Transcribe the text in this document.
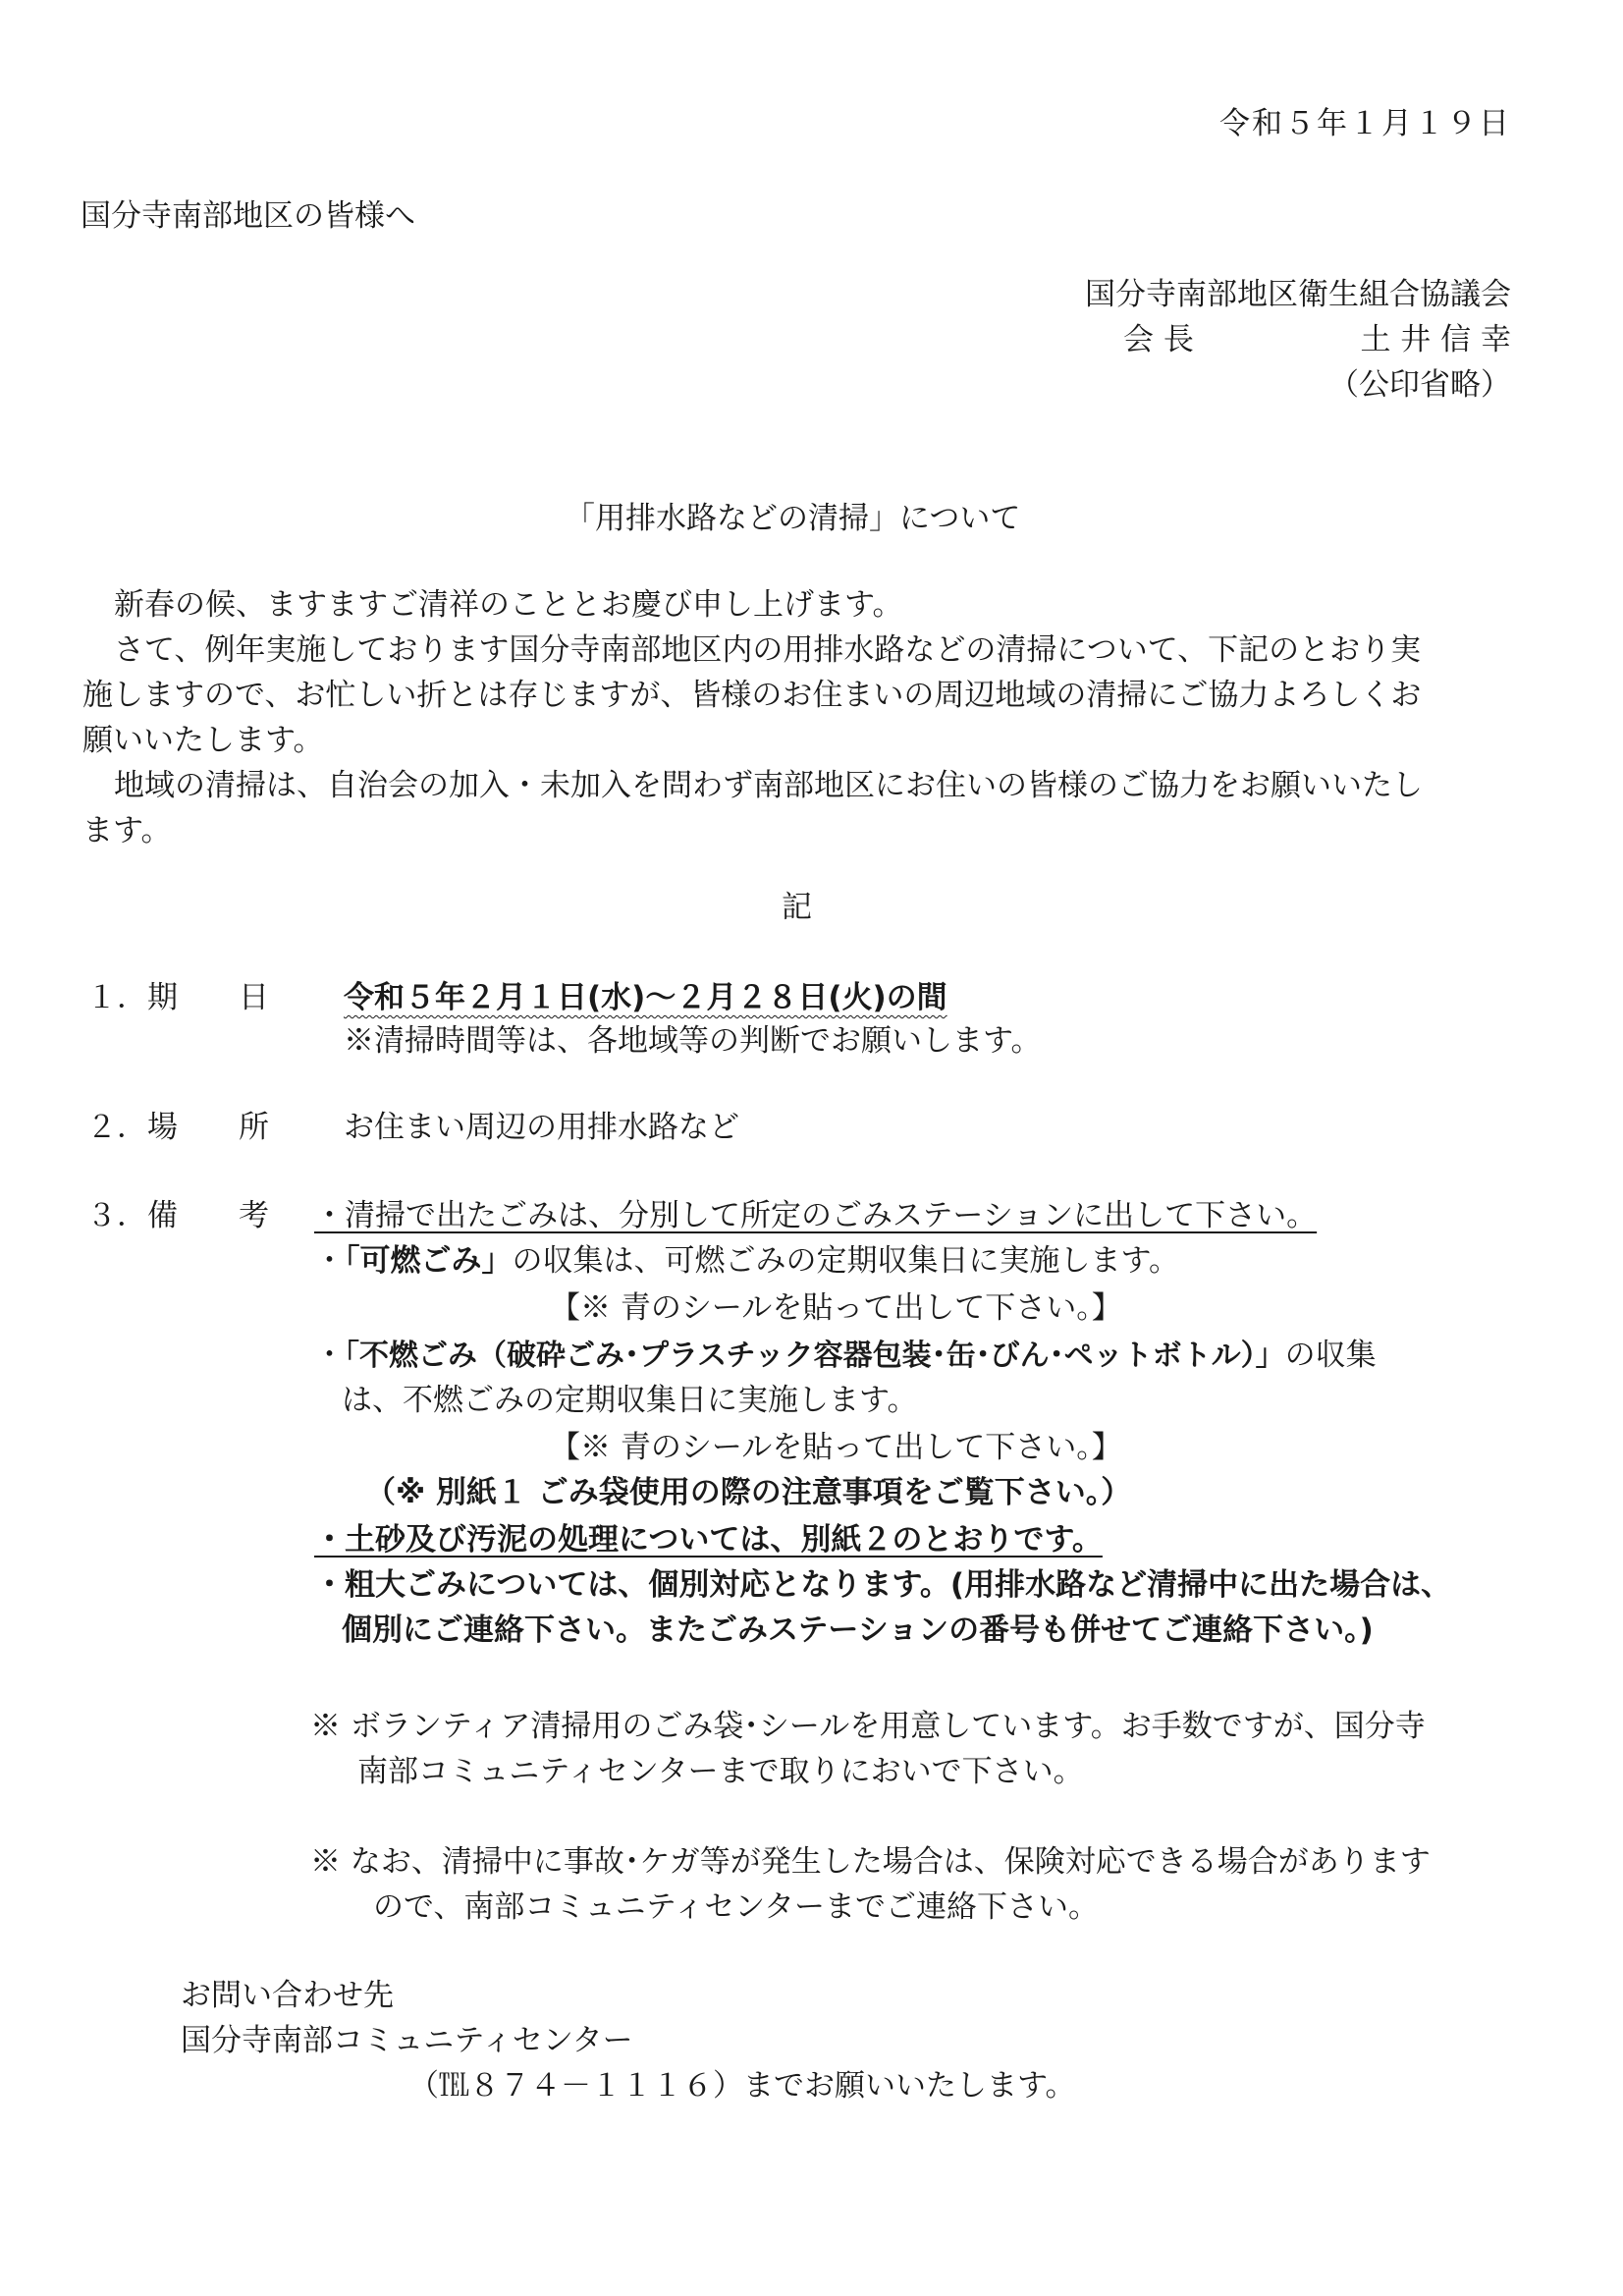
令和５年１月１９日
国分寺南部地区の皆様へ
国分寺南部地区衛生組合協議会
会 長	土 井 信 幸
（公印省略）
「用排水路などの清掃」について
新春の候、ますますご清祥のこととお慶び申し上げます。
さて、例年実施しております国分寺南部地区内の用排水路などの清掃について、下記のとおり実
施しますので、お忙しい折とは存じますが、皆様のお住まいの周辺地域の清掃にご協力よろしくお
願いいたします。
地域の清掃は、自治会の加入・未加入を問わず南部地区にお住いの皆様のご協力をお願いいたし
ます。
記
１． 期　　日 令和５年２月１日(水)～２月２８日(火)の間
※清掃時間等は、各地域等の判断でお願いします。
２． 場　　所 お住まい周辺の用排水路など
３． 備　　考 ・清掃で出たごみは、分別して所定のごみステーションに出して下さい。
・「可燃ごみ」の収集は、可燃ごみの定期収集日に実施します。
【※ 青のシールを貼って出して下さい。】
・「不燃ごみ（破砕ごみ･プラスチック容器包装･缶･びん･ペットボトル）」の収集
は、不燃ごみの定期収集日に実施します。
【※ 青のシールを貼って出して下さい。】
（※ 別紙１ ごみ袋使用の際の注意事項をご覧下さい。）
・土砂及び汚泥の処理については、別紙２のとおりです。
・粗大ごみについては、個別対応となります。(用排水路など清掃中に出た場合は、
個別にご連絡下さい。またごみステーションの番号も併せてご連絡下さい。)
※ ボランティア清掃用のごみ袋･シールを用意しています。お手数ですが、国分寺
南部コミュニティセンターまで取りにおいで下さい。
※ なお、清掃中に事故･ケガ等が発生した場合は、保険対応できる場合があります
ので、南部コミュニティセンターまでご連絡下さい。
お問い合わせ先
国分寺南部コミュニティセンター
（℡８７４－１１１６）までお願いいたします。
